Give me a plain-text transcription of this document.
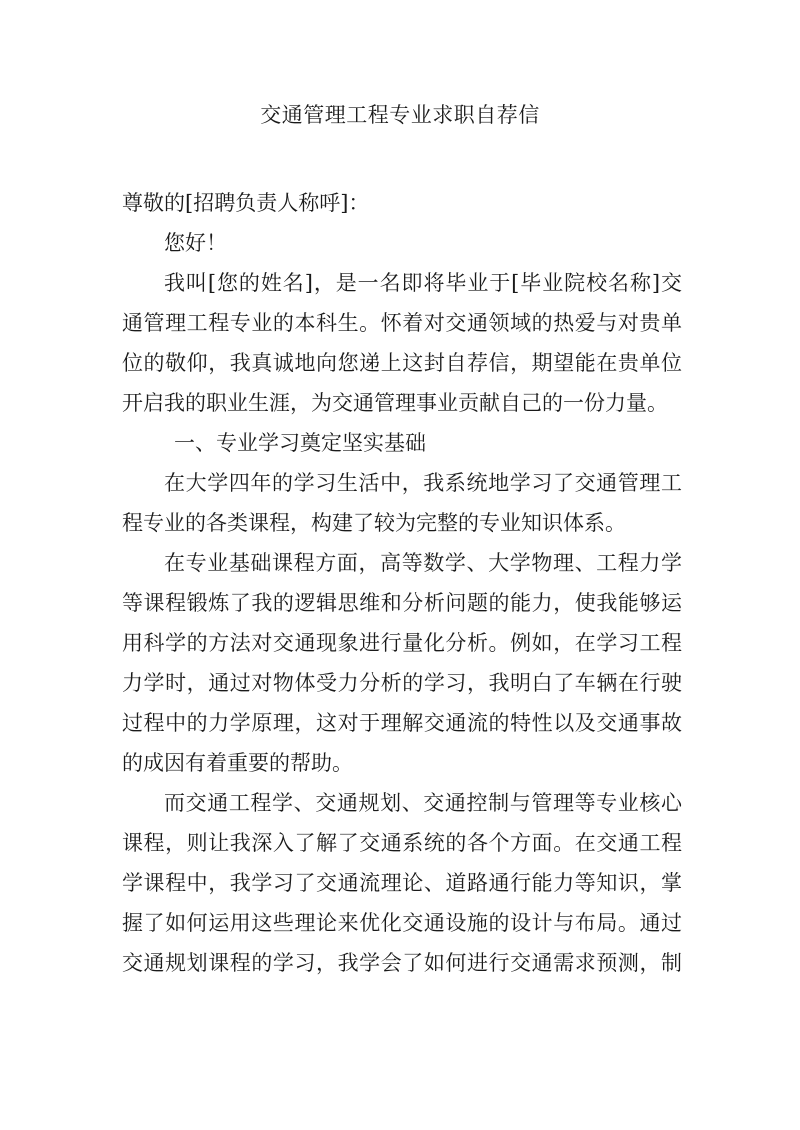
交通管理工程专业求职自荐信
尊敬的[招聘负责人称呼]：
您好！
我叫[您的姓名]，是一名即将毕业于[毕业院校名称]交
通管理工程专业的本科生。怀着对交通领域的热爱与对贵单
位的敬仰，我真诚地向您递上这封自荐信，期望能在贵单位
开启我的职业生涯，为交通管理事业贡献自己的一份力量。
一、专业学习奠定坚实基础
在大学四年的学习生活中，我系统地学习了交通管理工
程专业的各类课程，构建了较为完整的专业知识体系。
在专业基础课程方面，高等数学、大学物理、工程力学
等课程锻炼了我的逻辑思维和分析问题的能力，使我能够运
用科学的方法对交通现象进行量化分析。例如，在学习工程
力学时，通过对物体受力分析的学习，我明白了车辆在行驶
过程中的力学原理，这对于理解交通流的特性以及交通事故
的成因有着重要的帮助。
而交通工程学、交通规划、交通控制与管理等专业核心
课程，则让我深入了解了交通系统的各个方面。在交通工程
学课程中，我学习了交通流理论、道路通行能力等知识，掌
握了如何运用这些理论来优化交通设施的设计与布局。通过
交通规划课程的学习，我学会了如何进行交通需求预测，制
